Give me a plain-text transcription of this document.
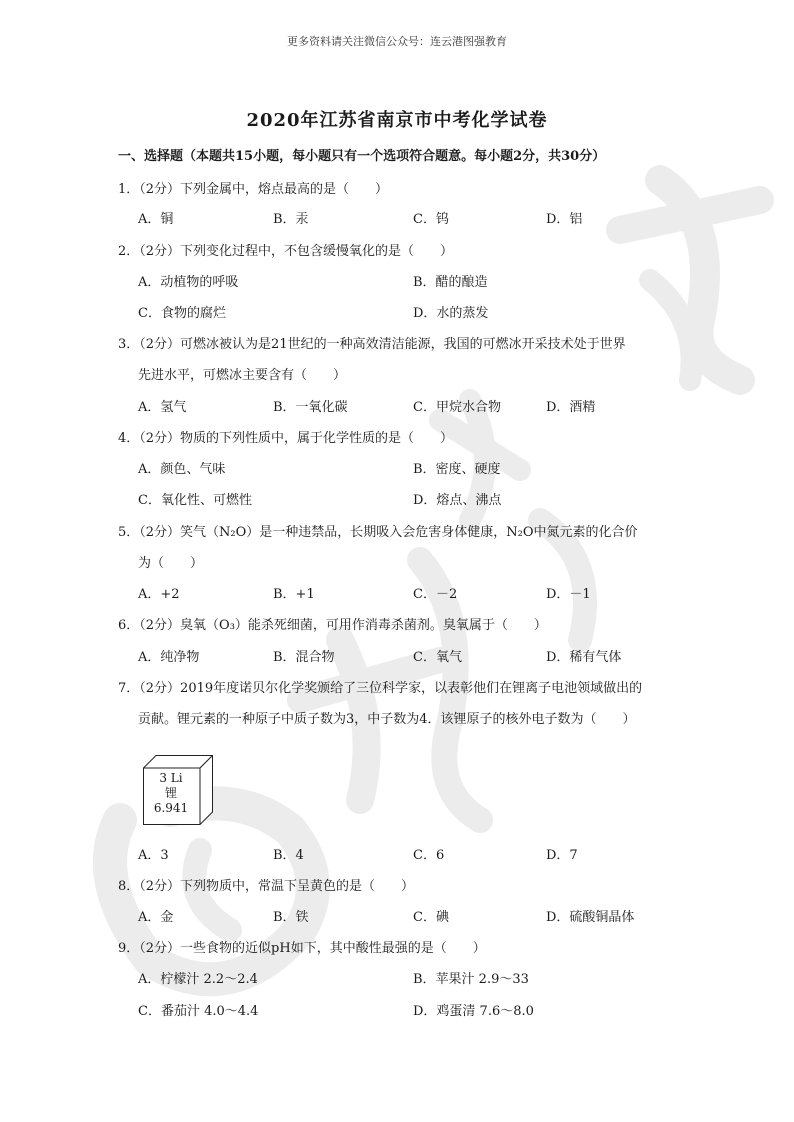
更多资料请关注微信公众号：连云港图强教育
2020年江苏省南京市中考化学试卷
一、选择题（本题共15小题，每小题只有一个选项符合题意。每小题2分，共30分）
1．（2分）下列金属中，熔点最高的是（　　）
A．铜	B．汞	C．钨	D．铝
2．（2分）下列变化过程中，不包含缓慢氧化的是（　　）
A．动植物的呼吸	B．醋的酿造
C．食物的腐烂	D．水的蒸发
3．（2分）可燃冰被认为是21世纪的一种高效清洁能源，我国的可燃冰开采技术处于世界
先进水平，可燃冰主要含有（　　）
A．氢气	B．一氧化碳	C．甲烷水合物	D．酒精
4．（2分）物质的下列性质中，属于化学性质的是（　　）
A．颜色、气味	B．密度、硬度
C．氧化性、可燃性	D．熔点、沸点
5．（2分）笑气（N₂O）是一种违禁品，长期吸入会危害身体健康，N₂O中氮元素的化合价
为（　　）
A．+2	B．+1	C．－2	D．－1
6．（2分）臭氧（O₃）能杀死细菌，可用作消毒杀菌剂。臭氧属于（　　）
A．纯净物	B．混合物	C．氧气	D．稀有气体
7．（2分）2019年度诺贝尔化学奖颁给了三位科学家，以表彰他们在锂离子电池领域做出的
贡献。锂元素的一种原子中质子数为3，中子数为4．该锂原子的核外电子数为（　　）
3 Li
锂
6.941
A．3	B．4	C．6	D．7
8．（2分）下列物质中，常温下呈黄色的是（　　）
A．金	B．铁	C．碘	D．硫酸铜晶体
9．（2分）一些食物的近似pH如下，其中酸性最强的是（　　）
A．柠檬汁 2.2～2.4	B．苹果汁 2.9～33
C．番茄汁 4.0～4.4	D．鸡蛋清 7.6～8.0
